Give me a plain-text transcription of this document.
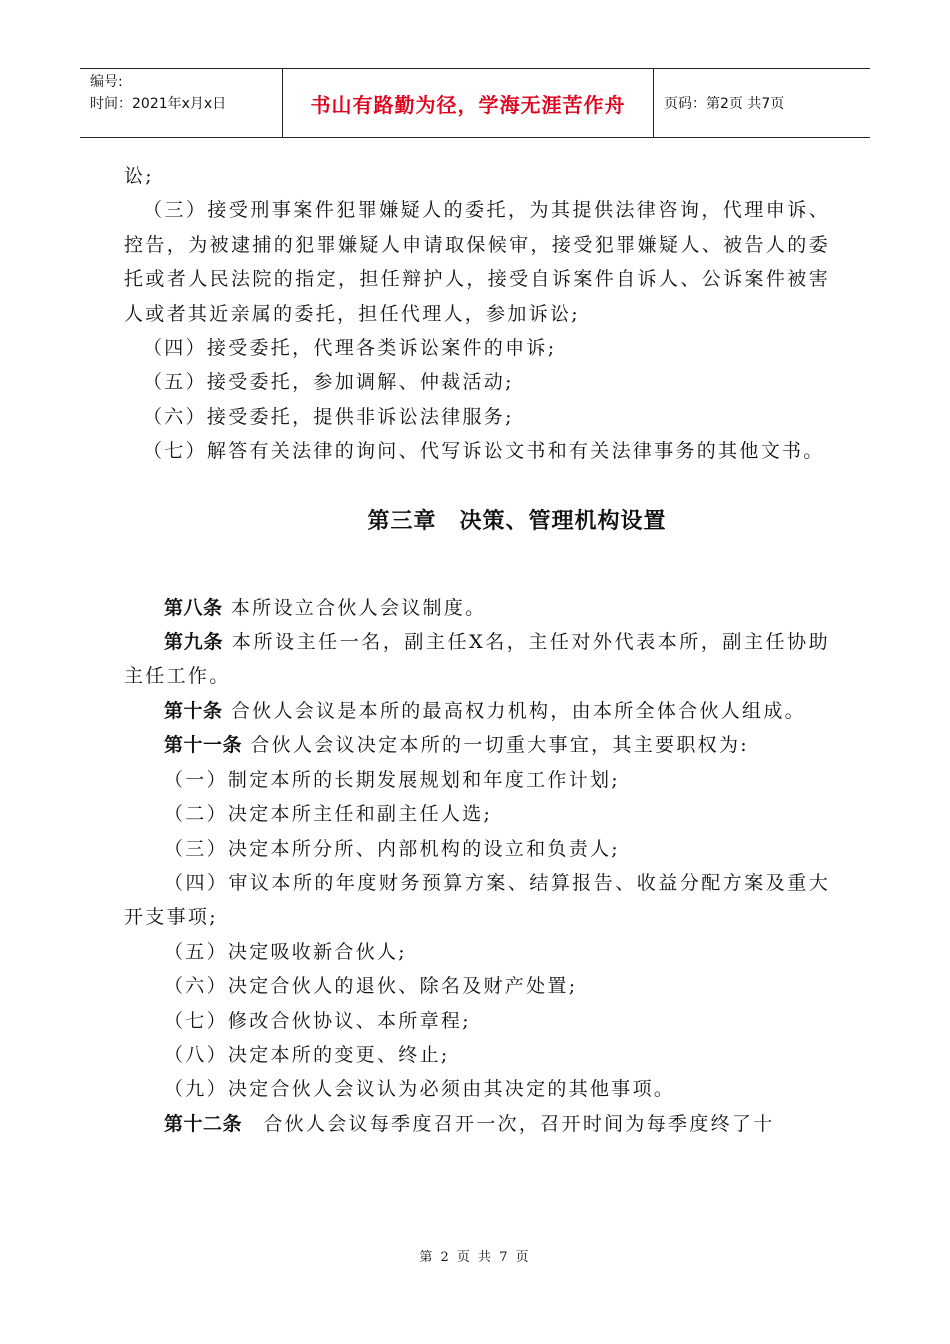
编号:
时间：2021年x月x日	书山有路勤为径，学海无涯苦作舟	页码：第2页 共7页

讼;

（三）接受刑事案件犯罪嫌疑人的委托，为其提供法律咨询，代理申诉、控告，为被逮捕的犯罪嫌疑人申请取保候审，接受犯罪嫌疑人、被告人的委托或者人民法院的指定，担任辩护人，接受自诉案件自诉人、公诉案件被害人或者其近亲属的委托，担任代理人，参加诉讼;

（四）接受委托，代理各类诉讼案件的申诉;

（五）接受委托，参加调解、仲裁活动;

（六）接受委托，提供非诉讼法律服务;

（七）解答有关法律的询问、代写诉讼文书和有关法律事务的其他文书。

第三章　决策、管理机构设置

第八条 本所设立合伙人会议制度。

第九条 本所设主任一名，副主任X名，主任对外代表本所，副主任协助主任工作。

第十条 合伙人会议是本所的最高权力机构，由本所全体合伙人组成。

第十一条 合伙人会议决定本所的一切重大事宜，其主要职权为:

（一）制定本所的长期发展规划和年度工作计划;

（二）决定本所主任和副主任人选;

（三）决定本所分所、内部机构的设立和负责人;

（四）审议本所的年度财务预算方案、结算报告、收益分配方案及重大开支事项;

（五）决定吸收新合伙人;

（六）决定合伙人的退伙、除名及财产处置;

（七）修改合伙协议、本所章程;

（八）决定本所的变更、终止;

（九）决定合伙人会议认为必须由其决定的其他事项。

第十二条　合伙人会议每季度召开一次，召开时间为每季度终了十

第 2 页 共 7 页
